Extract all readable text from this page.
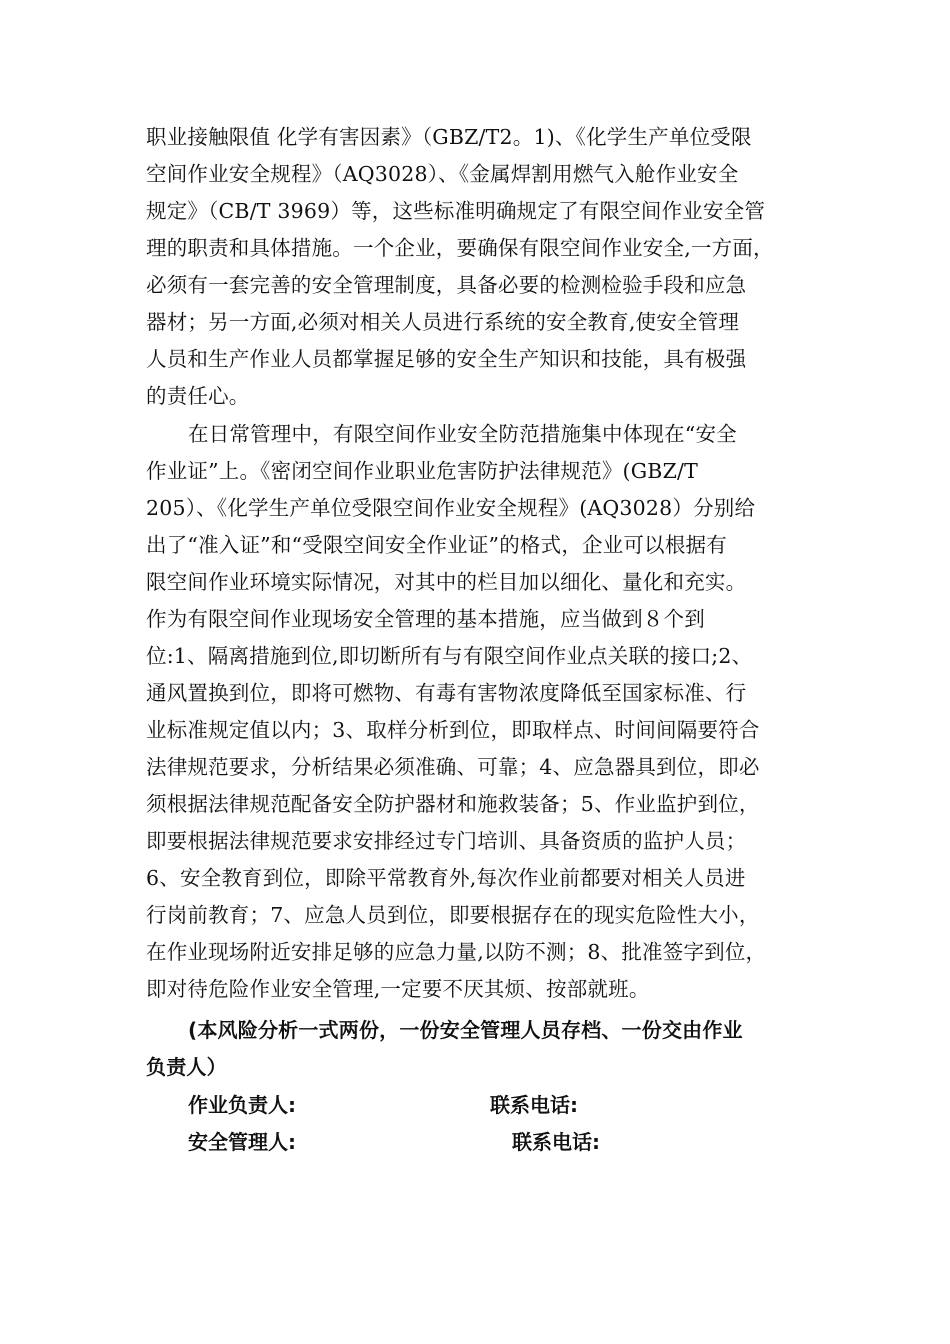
职业接触限值 化学有害因素》（GBZ/T2。1)、《化学生产单位受限
空间作业安全规程》（AQ3028）、《金属焊割用燃气入舱作业安全
规定》（CB/T 3969）等，这些标准明确规定了有限空间作业安全管
理的职责和具体措施。一个企业，要确保有限空间作业安全,一方面，
必须有一套完善的安全管理制度，具备必要的检测检验手段和应急
器材；另一方面,必须对相关人员进行系统的安全教育,使安全管理
人员和生产作业人员都掌握足够的安全生产知识和技能，具有极强
的责任心。
在日常管理中，有限空间作业安全防范措施集中体现在“安全
作业证”上。《密闭空间作业职业危害防护法律规范》(GBZ/T
205）、《化学生产单位受限空间作业安全规程》(AQ3028）分别给
出了“准入证”和“受限空间安全作业证”的格式，企业可以根据有
限空间作业环境实际情况，对其中的栏目加以细化、量化和充实。
作为有限空间作业现场安全管理的基本措施，应当做到８个到
位:1、隔离措施到位,即切断所有与有限空间作业点关联的接口;2、
通风置换到位，即将可燃物、有毒有害物浓度降低至国家标准、行
业标准规定值以内；3、取样分析到位，即取样点、时间间隔要符合
法律规范要求，分析结果必须准确、可靠；4、应急器具到位，即必
须根据法律规范配备安全防护器材和施救装备；5、作业监护到位，
即要根据法律规范要求安排经过专门培训、具备资质的监护人员；
6、安全教育到位，即除平常教育外,每次作业前都要对相关人员进
行岗前教育；7、应急人员到位，即要根据存在的现实危险性大小，
在作业现场附近安排足够的应急力量,以防不测；8、批准签字到位，
即对待危险作业安全管理,一定要不厌其烦、按部就班。
(本风险分析一式两份，一份安全管理人员存档、一份交由作业
负责人）
作业负责人:	联系电话:
安全管理人:	联系电话:
